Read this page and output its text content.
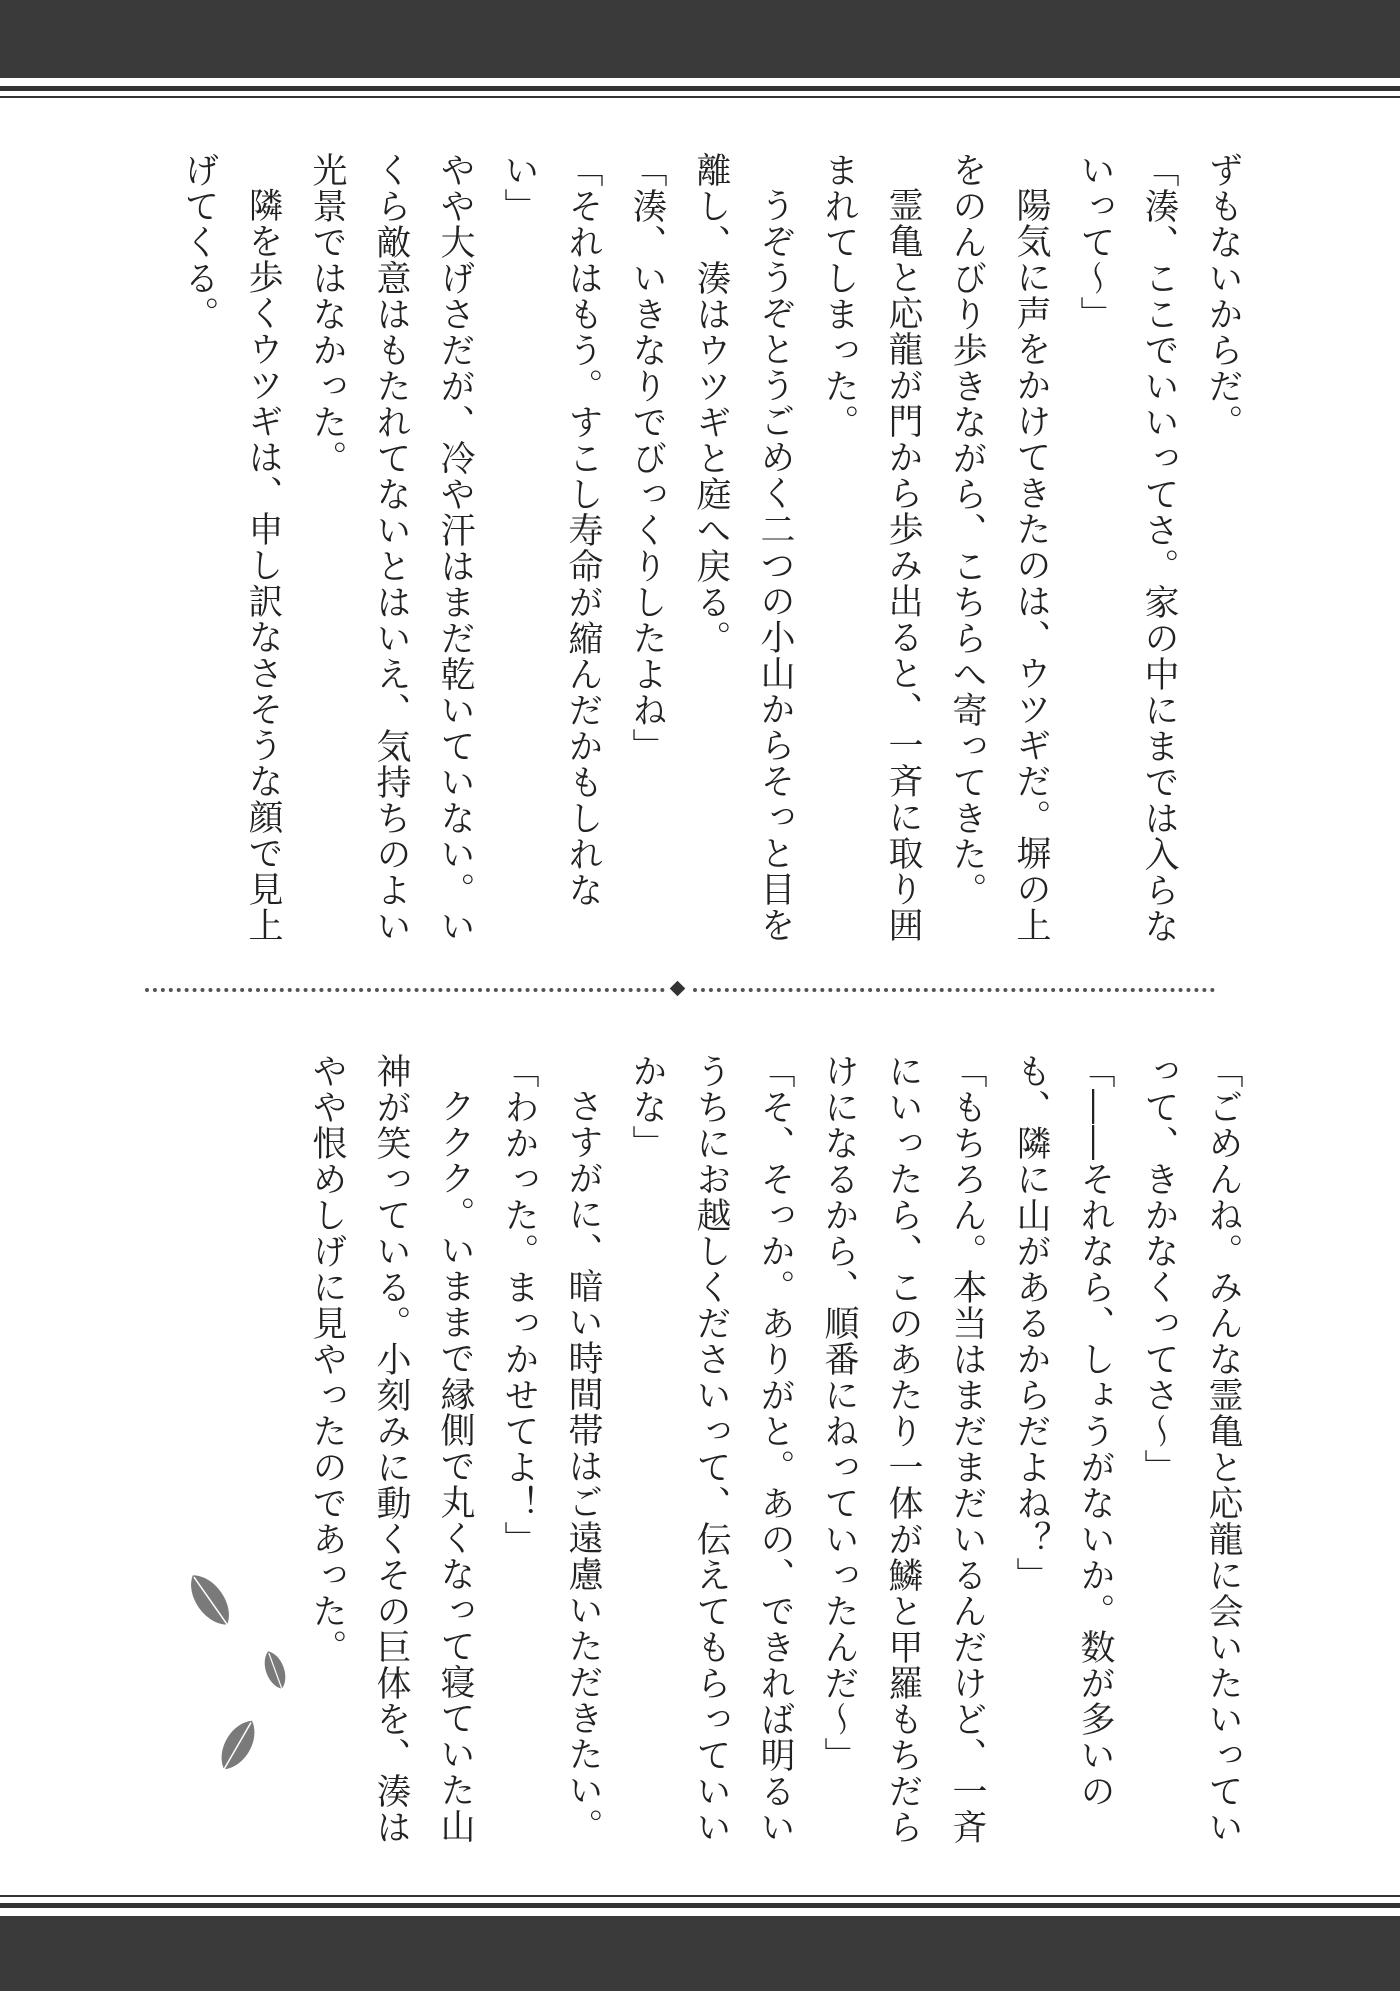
ずもないからだ。

「湊、ここでいいってさ。家の中にまでは入らないって〜」

陽気に声をかけてきたのは、ウツギだ。塀の上をのんびり歩きながら、こちらへ寄ってきた。

霊亀と応龍が門から歩み出ると、一斉に取り囲まれてしまった。

うぞうぞとうごめく二つの小山からそっと目を離し、湊はウツギと庭へ戻る。

「湊、いきなりでびっくりしたよね」

「それはもう。すこし寿命が縮んだかもしれない」

やや大げさだが、冷や汗はまだ乾いていない。いくら敵意はもたれてないとはいえ、気持ちのよい光景ではなかった。

隣を歩くウツギは、申し訳なさそうな顔で見上げてくる。

「ごめんね。みんな霊亀と応龍に会いたいっていって、きかなくってさ〜」

「――それなら、しょうがないか。数が多いのも、隣に山があるからだよね？」

「もちろん。本当はまだまだいるんだけど、一斉にいったら、このあたり一体が鱗と甲羅もちだらけになるから、順番にねっていったんだ〜」

「そ、そっか。ありがと。あの、できれば明るいうちにお越しくださいって、伝えてもらっていいかな」

さすがに、暗い時間帯はご遠慮いただきたい。

「わかった。まっかせてよ！」

ククク。いままで縁側で丸くなって寝ていた山神が笑っている。小刻みに動くその巨体を、湊はやや恨めしげに見やったのであった。
